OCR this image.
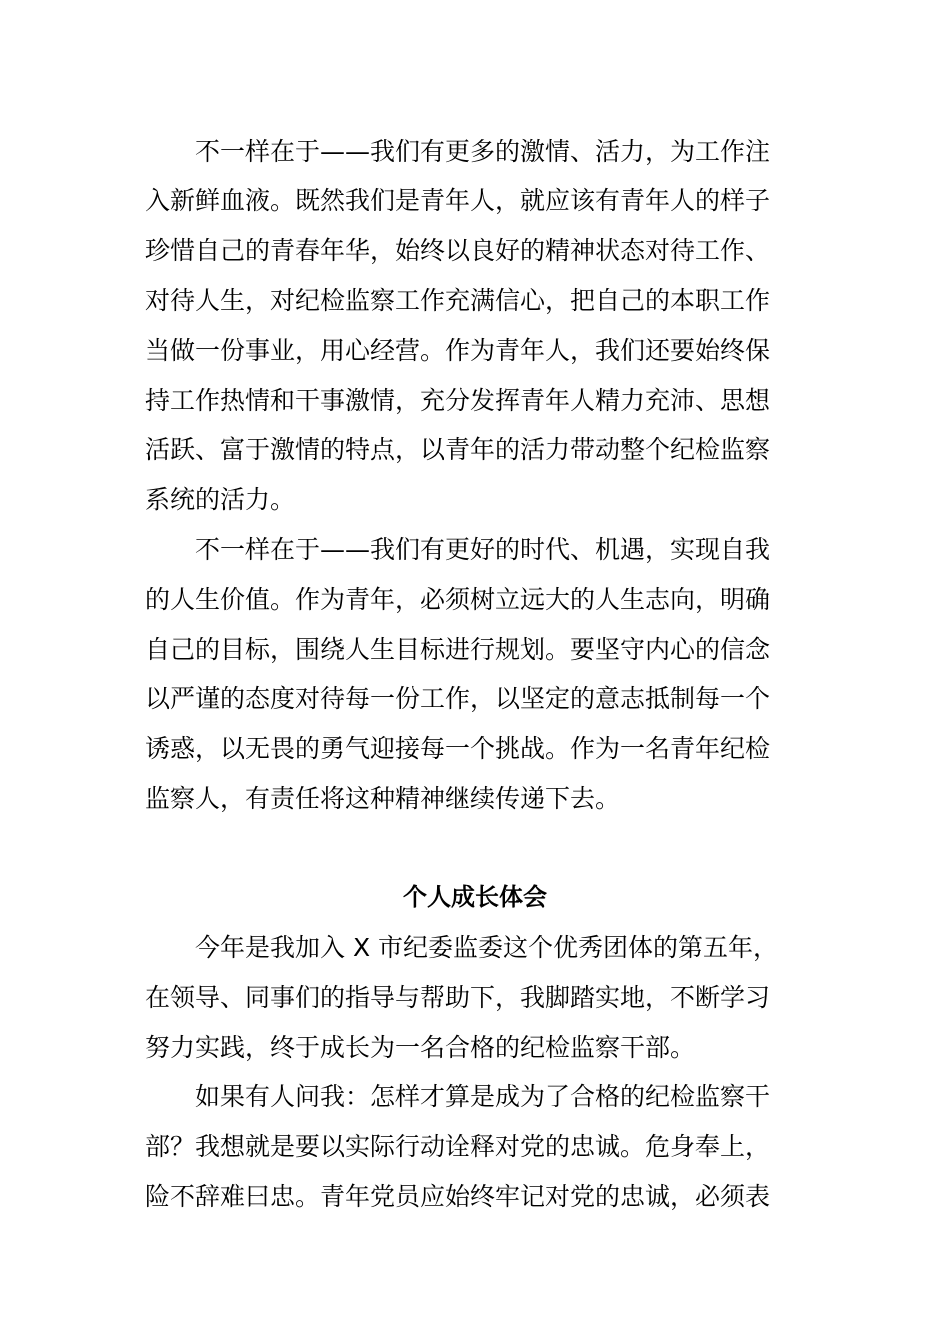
不一样在于——我们有更多的激情、活力，为工作注
入新鲜血液。既然我们是青年人，就应该有青年人的样子
珍惜自己的青春年华，始终以良好的精神状态对待工作、
对待人生，对纪检监察工作充满信心，把自己的本职工作
当做一份事业，用心经营。作为青年人，我们还要始终保
持工作热情和干事激情，充分发挥青年人精力充沛、思想
活跃、富于激情的特点，以青年的活力带动整个纪检监察
系统的活力。
不一样在于——我们有更好的时代、机遇，实现自我
的人生价值。作为青年，必须树立远大的人生志向，明确
自己的目标，围绕人生目标进行规划。要坚守内心的信念
以严谨的态度对待每一份工作，以坚定的意志抵制每一个
诱惑，以无畏的勇气迎接每一个挑战。作为一名青年纪检
监察人，有责任将这种精神继续传递下去。
个人成长体会
今年是我加入 X 市纪委监委这个优秀团体的第五年，
在领导、同事们的指导与帮助下，我脚踏实地，不断学习
努力实践，终于成长为一名合格的纪检监察干部。
如果有人问我：怎样才算是成为了合格的纪检监察干
部？我想就是要以实际行动诠释对党的忠诚。危身奉上，
险不辞难曰忠。青年党员应始终牢记对党的忠诚，必须表
